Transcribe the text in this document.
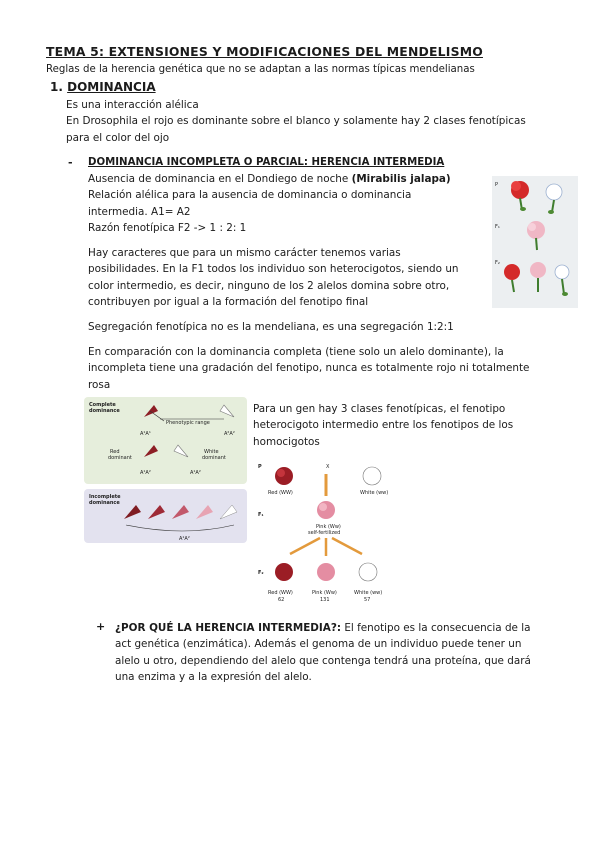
TEMA 5: EXTENSIONES Y MODIFICACIONES DEL MENDELISMO
Reglas de la herencia genética que no se adaptan a las normas típicas mendelianas
1. DOMINANCIA
Es una interacción alélica
En Drosophila el rojo es dominante sobre el blanco y solamente hay 2 clases fenotípicas
para el color del ojo
- DOMINANCIA INCOMPLETA O PARCIAL: HERENCIA INTERMEDIA
Ausencia de dominancia en el Dondiego de noche (Mirabilis jalapa)
Relación alélica para la ausencia de dominancia o dominancia
intermedia. A1= A2
Razón fenotípica F2 -> 1 : 2: 1
Hay caracteres que para un mismo carácter tenemos varias
posibilidades. En la F1 todos los individuo son heterocigotos, siendo un
color intermedio, es decir, ninguno de los 2 alelos domina sobre otro,
contribuyen por igual a la formación del fenotipo final
Segregación fenotípica no es la mendeliana, es una segregación 1:2:1
En comparación con la dominancia completa (tiene solo un alelo dominante), la
incompleta tiene una gradación del fenotipo, nunca es totalmente rojo ni totalmente
rosa
Para un gen hay 3 clases fenotípicas, el fenotipo
heterocigoto intermedio entre los fenotipos de los
homocigotos
P
F₁
F₂
Complete
dominance
Phenotypic range
A¹A¹	A²A²
Red
dominant
White
dominant
A¹A²	A¹A²
Incomplete
dominance
A¹A²
P	X
Red (WW)	White (ww)
F₁
Pink (Ww)
self-fertilized
F₂
Red (WW)
62
Pink (Ww)
131
White (ww)
57
+ ¿POR QUÉ LA HERENCIA INTERMEDIA?: El fenotipo es la consecuencia de la
act genética (enzimática). Además el genoma de un individuo puede tener un
alelo u otro, dependiendo del alelo que contenga tendrá una proteína, que dará
una enzima y a la expresión del alelo.
